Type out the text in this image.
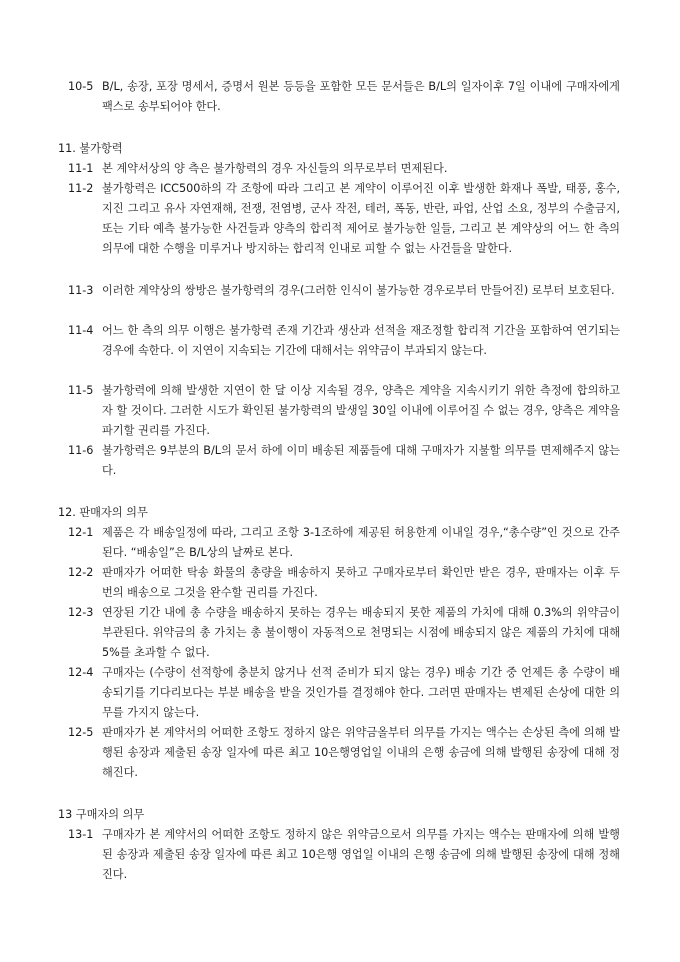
10-5 B/L, 송장, 포장 명세서, 증명서 원본 등등을 포함한 모든 문서들은 B/L의 일자이후 7일 이내에 구매자에게 팩스로 송부되어야 한다.
11. 불가항력
11-1 본 계약서상의 양 측은 불가항력의 경우 자신들의 의무로부터 면제된다.
11-2 불가항력은 ICC500하의 각 조항에 따라 그리고 본 계약이 이루어진 이후 발생한 화재나 폭발, 태풍, 홍수, 지진 그리고 유사 자연재해, 전쟁, 전염병, 군사 작전, 테러, 폭동, 반란, 파업, 산업 소요, 정부의 수출금지, 또는 기타 예측 불가능한 사건들과 양측의 합리적 제어로 불가능한 일들, 그리고 본 계약상의 어느 한 측의 의무에 대한 수행을 미루거나 방지하는 합리적 인내로 피할 수 없는 사건들을 말한다.
11-3 이러한 계약상의 쌍방은 불가항력의 경우(그러한 인식이 불가능한 경우로부터 만들어진) 로부터 보호된다.
11-4 어느 한 측의 의무 이행은 불가항력 존재 기간과 생산과 선적을 재조정할 합리적 기간을 포함하여 연기되는 경우에 속한다. 이 지연이 지속되는 기간에 대해서는 위약금이 부과되지 않는다.
11-5 불가항력에 의해 발생한 지연이 한 달 이상 지속될 경우, 양측은 계약을 지속시키기 위한 측정에 합의하고자 할 것이다. 그러한 시도가 확인된 불가항력의 발생일 30일 이내에 이루어질 수 없는 경우, 양측은 계약을 파기할 권리를 가진다.
11-6 불가항력은 9부분의 B/L의 문서 하에 이미 배송된 제품들에 대해 구매자가 지불할 의무를 면제해주지 않는다.
12. 판매자의 의무
12-1 제품은 각 배송일정에 따라, 그리고 조항 3-1조하에 제공된 허용한계 이내일 경우,“총수량”인 것으로 간주된다. “배송일”은 B/L상의 날짜로 본다.
12-2 판매자가 어떠한 탁송 화물의 총량을 배송하지 못하고 구매자로부터 확인만 받은 경우, 판매자는 이후 두 번의 배송으로 그것을 완수할 권리를 가진다.
12-3 연장된 기간 내에 총 수량을 배송하지 못하는 경우는 배송되지 못한 제품의 가치에 대해 0.3%의 위약금이 부관된다. 위약금의 총 가치는 총 불이행이 자동적으로 천명되는 시점에 배송되지 않은 제품의 가치에 대해 5%를 초과할 수 없다.
12-4 구매자는 (수량이 선적항에 충분치 않거나 선적 준비가 되지 않는 경우) 배송 기간 중 언제든 총 수량이 배송되기를 기다리보다는 부분 배송을 받을 것인가를 결정해야 한다. 그러면 판매자는 변제된 손상에 대한 의무를 가지지 않는다.
12-5 판매자가 본 계약서의 어떠한 조항도 정하지 않은 위약금올부터 의무를 가지는 액수는 손상된 측에 의해 발행된 송장과 제출된 송장 일자에 따른 최고 10은행영업일 이내의 은행 송금에 의해 발행된 송장에 대해 정해진다.
13 구매자의 의무
13-1 구매자가 본 계약서의 어떠한 조항도 정하지 않은 위약금으로서 의무를 가지는 액수는 판매자에 의해 발행된 송장과 제출된 송장 일자에 따른 최고 10은행 영업일 이내의 은행 송금에 의해 발행된 송장에 대해 정해진다.
